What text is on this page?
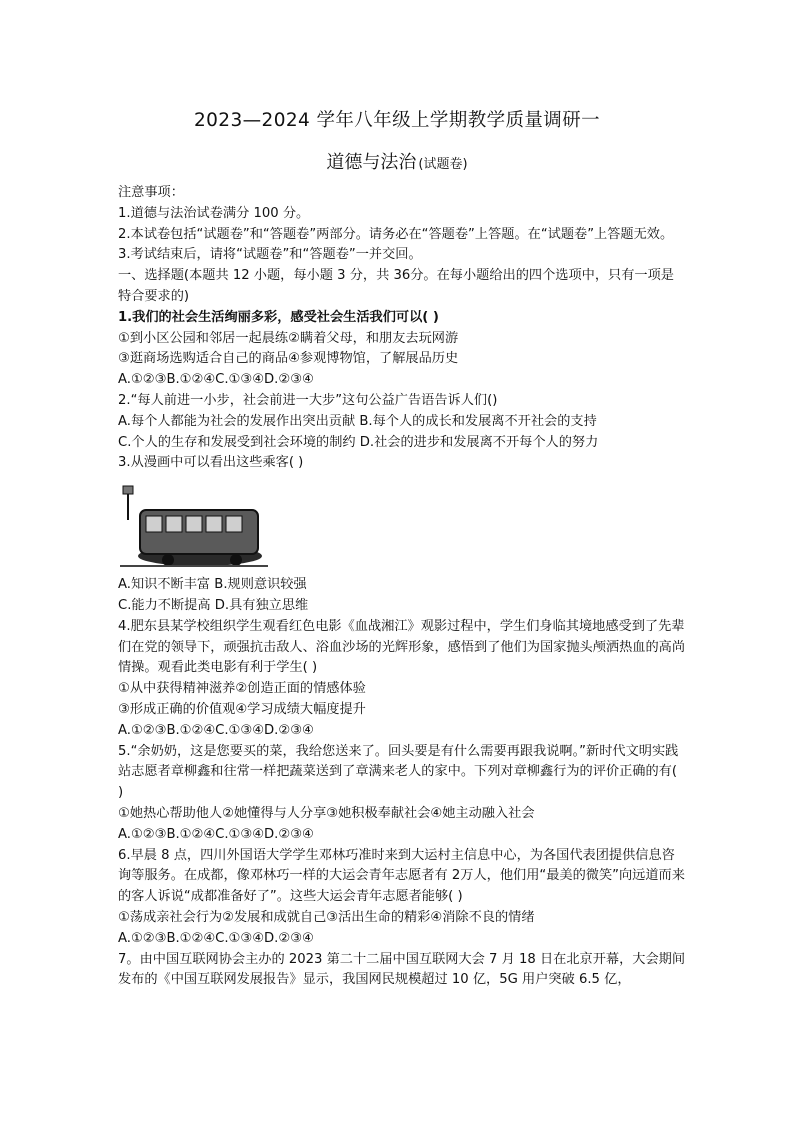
2023—2024 学年八年级上学期教学质量调研一
道德与法治 (试题卷)
注意事项：
1.道德与法治试卷满分 100 分。
2.本试卷包括“试题卷”和“答题卷”两部分。请务必在“答题卷”上答题。在“试题卷”上答题无效。
3.考试结束后，请将“试题卷”和“答题卷”一并交回。
一、选择题(本题共 12 小题，每小题 3 分，共 36分。在每小题给出的四个选项中，只有一项是特合要求的)
1.我们的社会生活绚丽多彩，感受社会生活我们可以( )
①到小区公园和邻居一起晨练②瞒着父母，和朋友去玩网游
③逛商场选购适合自己的商品④参观博物馆，了解展品历史
A.①②③B.①②④C.①③④D.②③④
2.“每人前进一小步，社会前进一大步”这句公益广告语告诉人们()
A.每个人都能为社会的发展作出突出贡献 B.每个人的成长和发展离不开社会的支持
C.个人的生存和发展受到社会环境的制约 D.社会的进步和发展离不开每个人的努力
3.从漫画中可以看出这些乘客( )
A.知识不断丰富 B.规则意识较强
C.能力不断提高 D.具有独立思维
4.肥东县某学校组织学生观看红色电影《血战湘江》观影过程中，学生们身临其境地感受到了先辈们在党的领导下，顽强抗击敌人、浴血沙场的光辉形象，感悟到了他们为国家抛头颅洒热血的高尚情操。观看此类电影有利于学生( )
①从中获得精神滋养②创造正面的情感体验
③形成正确的价值观④学习成绩大幅度提升
A.①②③B.①②④C.①③④D.②③④
5.“余奶奶，这是您要买的菜，我给您送来了。回头要是有什么需要再跟我说啊。”新时代文明实践站志愿者章柳鑫和往常一样把蔬菜送到了章满来老人的家中。下列对章柳鑫行为的评价正确的有( )
①她热心帮助他人②她懂得与人分享③她积极奉献社会④她主动融入社会
A.①②③B.①②④C.①③④D.②③④
6.早晨 8 点，四川外国语大学学生邓林巧准时来到大运村主信息中心，为各国代表团提供信息咨询等服务。在成都，像邓林巧一样的大运会青年志愿者有 2万人，他们用“最美的微笑”向远道而来的客人诉说“成都准备好了”。这些大运会青年志愿者能够( )
①荡成亲社会行为②发展和成就自己③活出生命的精彩④消除不良的情绪
A.①②③B.①②④C.①③④D.②③④
7。由中国互联网协会主办的 2023 第二十二届中国互联网大会 7 月 18 日在北京开幕，大会期间发布的《中国互联网发展报告》显示，我国网民规模超过 10 亿，5G 用户突破 6.5 亿，
